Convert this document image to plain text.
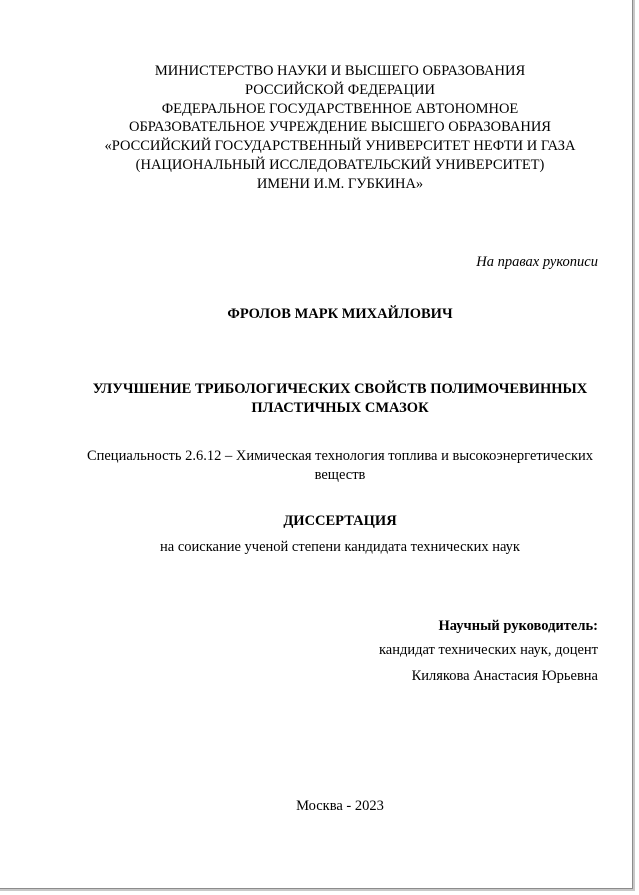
МИНИСТЕРСТВО НАУКИ И ВЫСШЕГО ОБРАЗОВАНИЯ
РОССИЙСКОЙ ФЕДЕРАЦИИ
ФЕДЕРАЛЬНОЕ ГОСУДАРСТВЕННОЕ АВТОНОМНОЕ
ОБРАЗОВАТЕЛЬНОЕ УЧРЕЖДЕНИЕ ВЫСШЕГО ОБРАЗОВАНИЯ
«РОССИЙСКИЙ ГОСУДАРСТВЕННЫЙ УНИВЕРСИТЕТ НЕФТИ И ГАЗА
(НАЦИОНАЛЬНЫЙ ИССЛЕДОВАТЕЛЬСКИЙ УНИВЕРСИТЕТ)
ИМЕНИ И.М. ГУБКИНА»
На правах рукописи
ФРОЛОВ МАРК МИХАЙЛОВИЧ
УЛУЧШЕНИЕ ТРИБОЛОГИЧЕСКИХ СВОЙСТВ ПОЛИМОЧЕВИННЫХ
ПЛАСТИЧНЫХ СМАЗОК
Специальность 2.6.12 – Химическая технология топлива и высокоэнергетических
веществ
ДИССЕРТАЦИЯ
на соискание ученой степени кандидата технических наук
Научный руководитель:
кандидат технических наук, доцент
Килякова Анастасия Юрьевна
Москва - 2023
